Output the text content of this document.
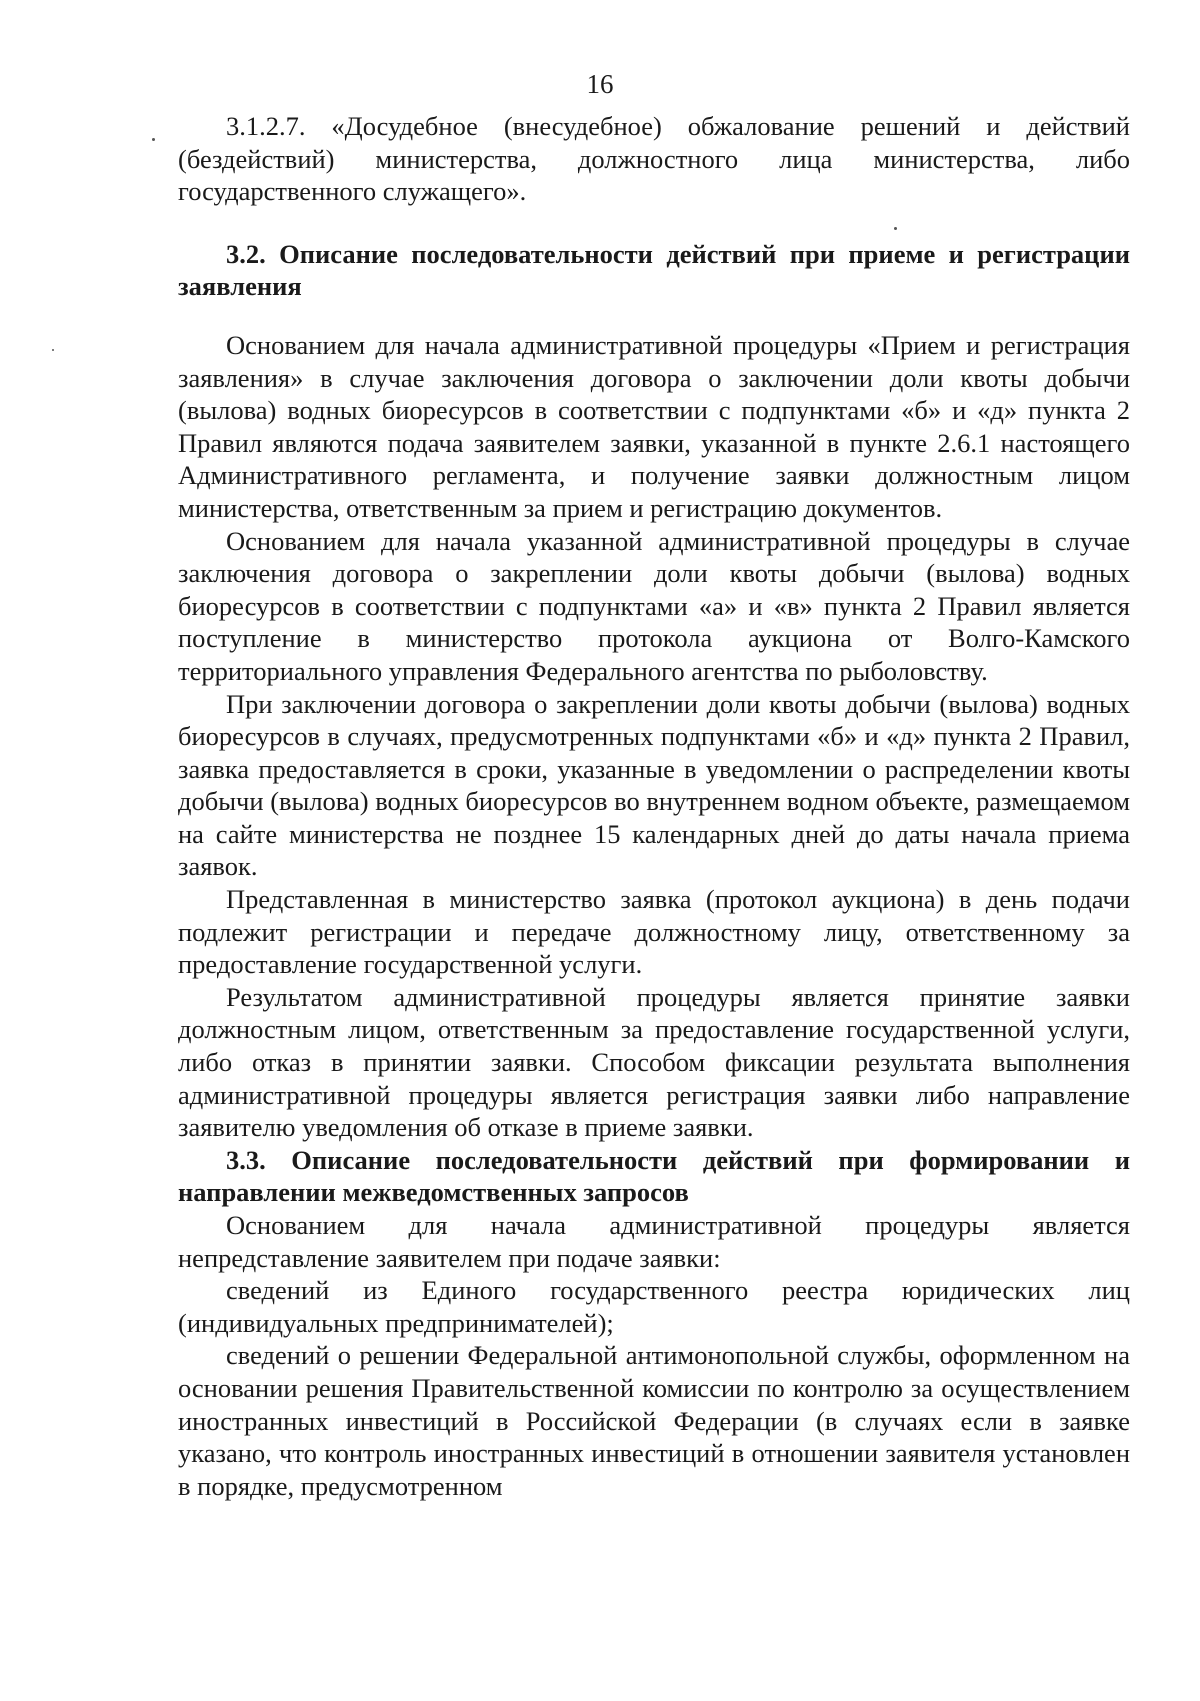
16

3.1.2.7. «Досудебное (внесудебное) обжалование решений и действий (бездействий) министерства, должностного лица министерства, либо государственного служащего».

3.2. Описание последовательности действий при приеме и регистрации заявления

Основанием для начала административной процедуры «Прием и регистрация заявления» в случае заключения договора о заключении доли квоты добычи (вылова) водных биоресурсов в соответствии с подпунктами «б» и «д» пункта 2 Правил являются подача заявителем заявки, указанной в пункте 2.6.1 настоящего Административного регламента, и получение заявки должностным лицом министерства, ответственным за прием и регистрацию документов.

Основанием для начала указанной административной процедуры в случае заключения договора о закреплении доли квоты добычи (вылова) водных биоресурсов в соответствии с подпунктами «а» и «в» пункта 2 Правил является поступление в министерство протокола аукциона от Волго-Камского территориального управления Федерального агентства по рыболовству.

При заключении договора о закреплении доли квоты добычи (вылова) водных биоресурсов в случаях, предусмотренных подпунктами «б» и «д» пункта 2 Правил, заявка предоставляется в сроки, указанные в уведомлении о распределении квоты добычи (вылова) водных биоресурсов во внутреннем водном объекте, размещаемом на сайте министерства не позднее 15 календарных дней до даты начала приема заявок.

Представленная в министерство заявка (протокол аукциона) в день подачи подлежит регистрации и передаче должностному лицу, ответственному за предоставление государственной услуги.

Результатом административной процедуры является принятие заявки должностным лицом, ответственным за предоставление государственной услуги, либо отказ в принятии заявки. Способом фиксации результата выполнения административной процедуры является регистрация заявки либо направление заявителю уведомления об отказе в приеме заявки.

3.3. Описание последовательности действий при формировании и направлении межведомственных запросов

Основанием для начала административной процедуры является непредставление заявителем при подаче заявки:

сведений из Единого государственного реестра юридических лиц (индивидуальных предпринимателей);

сведений о решении Федеральной антимонопольной службы, оформленном на основании решения Правительственной комиссии по контролю за осуществлением иностранных инвестиций в Российской Федерации (в случаях если в заявке указано, что контроль иностранных инвестиций в отношении заявителя установлен в порядке, предусмотренном
